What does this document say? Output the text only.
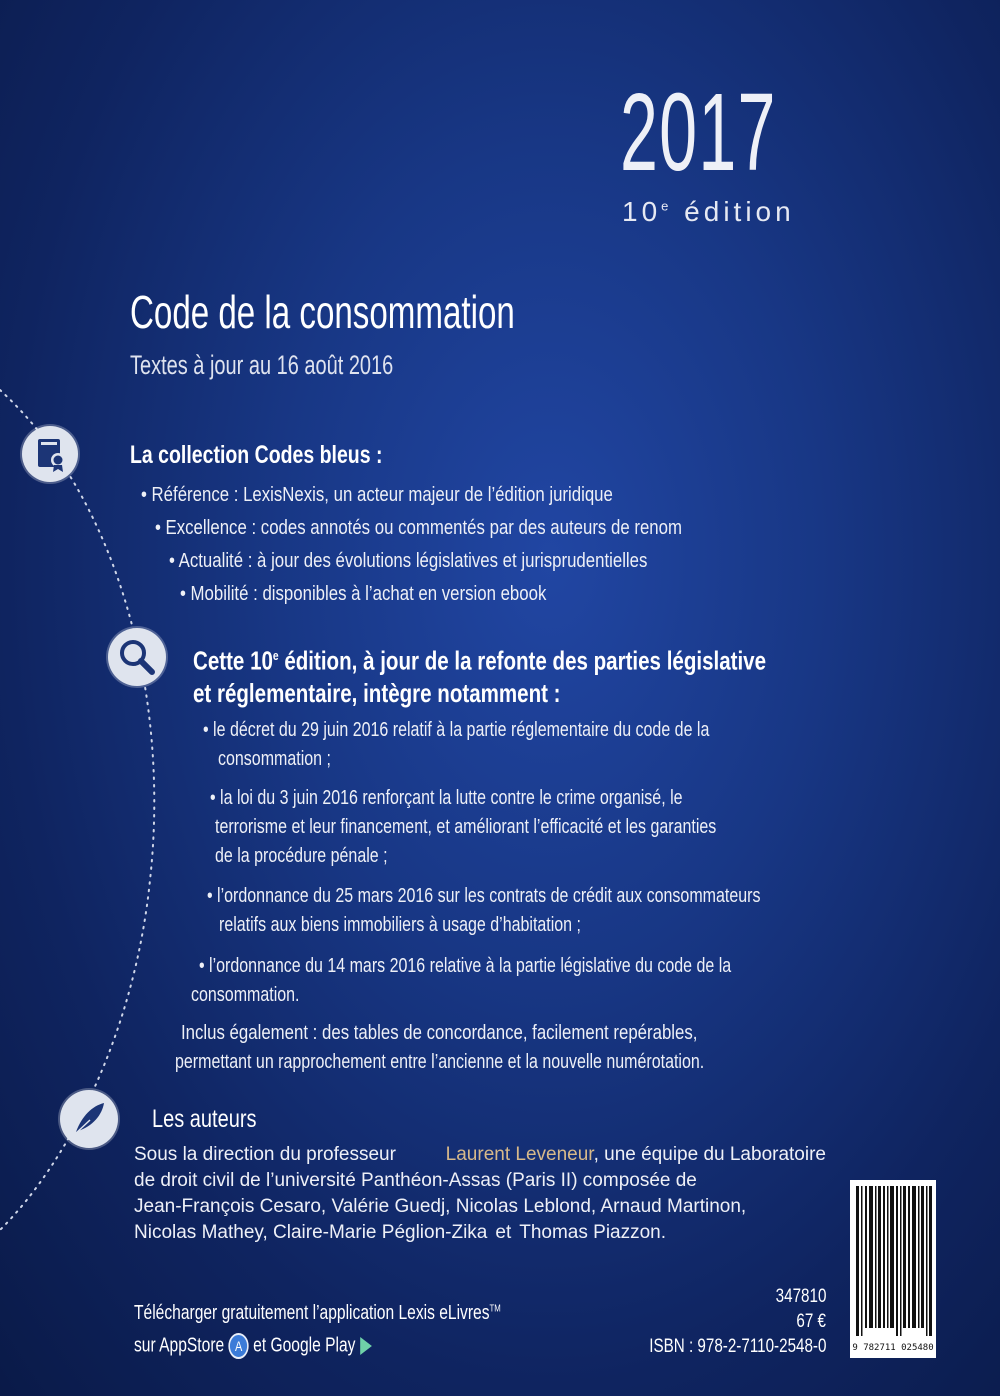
2017
10e édition
Code de la consommation
Textes à jour au 16 août 2016
La collection Codes bleus :
• Référence : LexisNexis, un acteur majeur de l’édition juridique
• Excellence : codes annotés ou commentés par des auteurs de renom
• Actualité : à jour des évolutions législatives et jurisprudentielles
• Mobilité : disponibles à l’achat en version ebook
Cette 10e édition, à jour de la refonte des parties législative
et réglementaire, intègre notamment :
• le décret du 29 juin 2016 relatif à la partie réglementaire du code de la
consommation ;
• la loi du 3 juin 2016 renforçant la lutte contre le crime organisé, le
terrorisme et leur financement, et améliorant l’efficacité et les garanties
de la procédure pénale ;
• l’ordonnance du 25 mars 2016 sur les contrats de crédit aux consommateurs
relatifs aux biens immobiliers à usage d’habitation ;
• l’ordonnance du 14 mars 2016 relative à la partie législative du code de la
consommation.
Inclus également : des tables de concordance, facilement repérables,
permettant un rapprochement entre l’ancienne et la nouvelle numérotation.
Les auteurs
Sous la direction du professeur	Laurent Leveneur, une équipe du Laboratoire
de droit civil de l’université Panthéon-Assas (Paris II) composée de
Jean-François Cesaro, Valérie Guedj, Nicolas Leblond, Arnaud Martinon,
Nicolas Mathey, Claire-Marie Péglion-Zika et Thomas Piazzon.
Télécharger gratuitement l’application Lexis eLivres™
sur AppStore A et Google Play
347810
67 €
ISBN : 978-2-7110-2548-0	9 782711 025480
